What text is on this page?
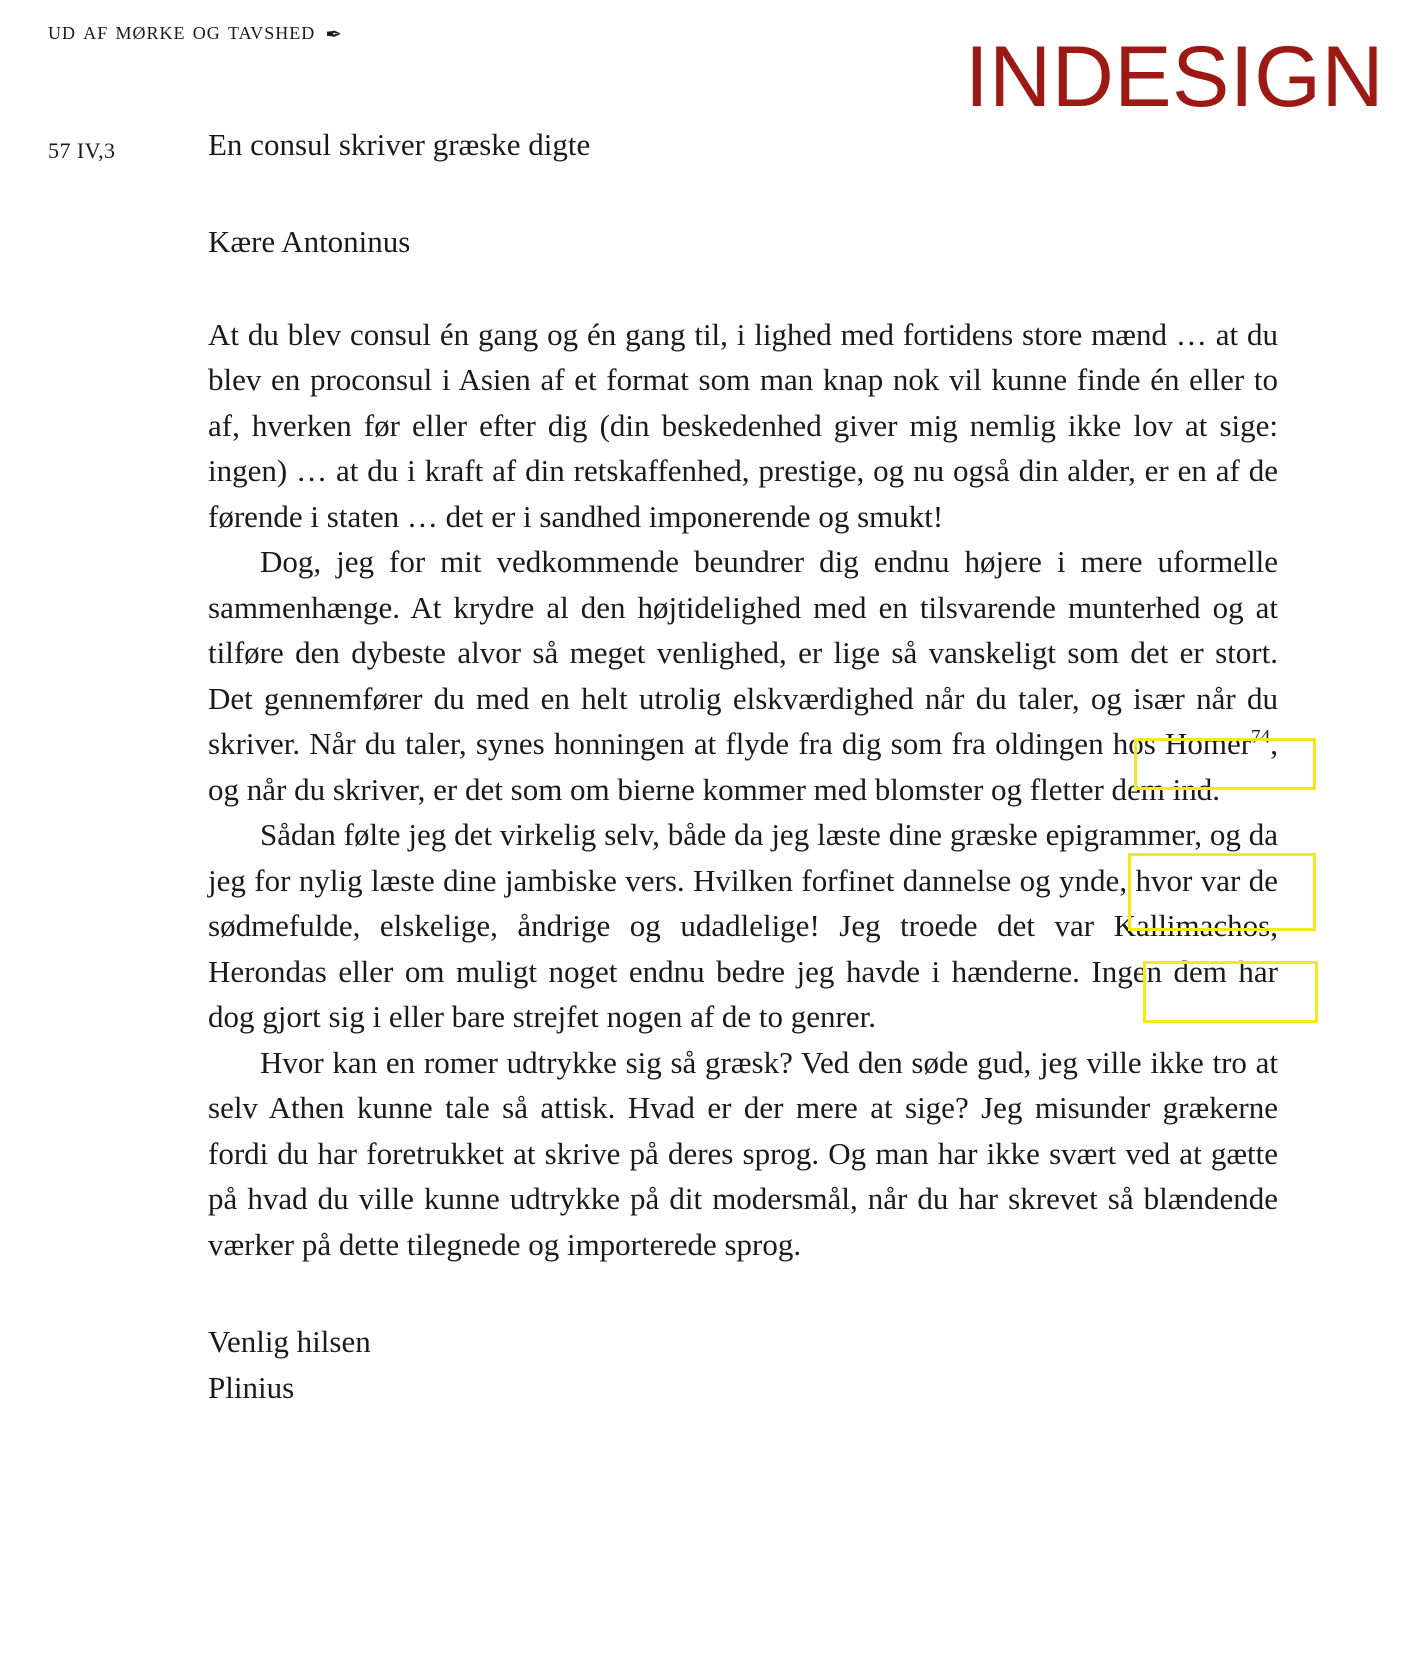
ud af mørke og tavshed ✒	INDESIGN
57 IV,3	En consul skriver græske digte
Kære Antoninus

At du blev consul én gang og én gang til, i lighed med fortidens store mænd … at du blev en proconsul i Asien af et format som man knap nok vil kunne finde én eller to af, hverken før eller efter dig (din beskedenhed giver mig nemlig ikke lov at sige: ingen) … at du i kraft af din retskaffenhed, prestige, og nu også din alder, er en af de førende i staten … det er i sandhed imponerende og smukt!

Dog, jeg for mit vedkommende beundrer dig endnu højere i mere uformelle sammenhænge. At krydre al den højtidelighed med en tilsvarende munterhed og at tilføre den dybeste alvor så meget venlighed, er lige så vanskeligt som det er stort. Det gennemfører du med en helt utrolig elskværdighed når du taler, og især når du skriver. Når du taler, synes honningen at flyde fra dig som fra oldingen hos Homer$^{74}$, og når du skriver, er det som om bierne kommer med blomster og fletter dem ind.

Sådan følte jeg det virkelig selv, både da jeg læste dine græske epigrammer, og da jeg for nylig læste dine jambiske vers. Hvilken forfinet dannelse og ynde, hvor var de sødmefulde, elskelige, åndrige og udadlelige! Jeg troede det var Kallimachos, Herondas eller om muligt noget endnu bedre jeg havde i hænderne. Ingen dem har dog gjort sig i eller bare strejfet nogen af de to genrer.

Hvor kan en romer udtrykke sig så græsk? Ved den søde gud, jeg ville ikke tro at selv Athen kunne tale så attisk. Hvad er der mere at sige? Jeg misunder grækerne fordi du har foretrukket at skrive på deres sprog. Og man har ikke svært ved at gætte på hvad du ville kunne udtrykke på dit modersmål, når du har skrevet så blændende værker på dette tilegnede og importerede sprog.

Venlig hilsen
Plinius
